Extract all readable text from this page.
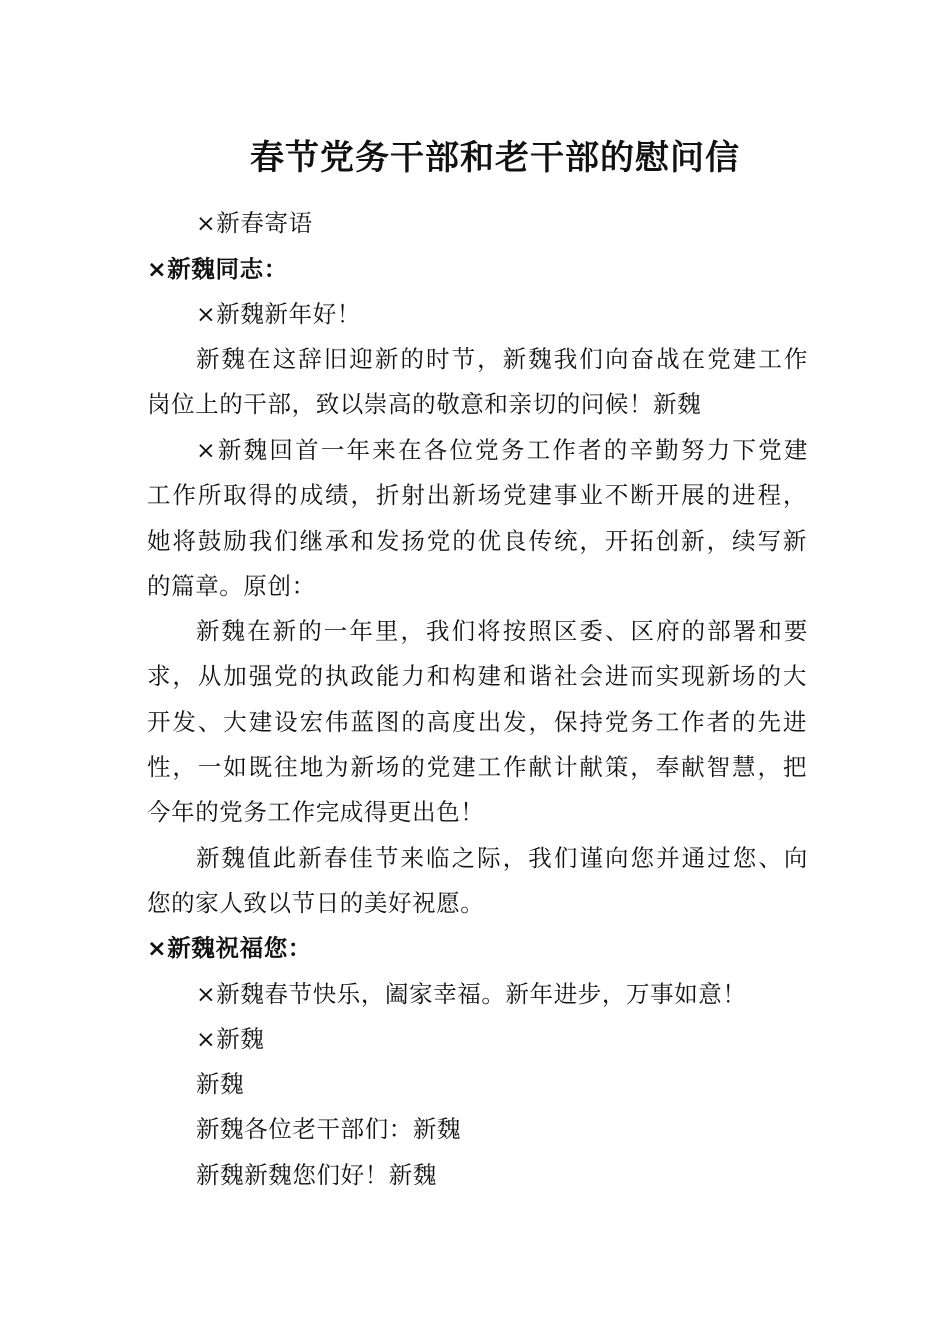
春节党务干部和老干部的慰问信
×新春寄语
×新魏同志：
×新魏新年好！
新魏在这辞旧迎新的时节，新魏我们向奋战在党建工作
岗位上的干部，致以崇高的敬意和亲切的问候！新魏
×新魏回首一年来在各位党务工作者的辛勤努力下党建
工作所取得的成绩，折射出新场党建事业不断开展的进程，
她将鼓励我们继承和发扬党的优良传统，开拓创新，续写新
的篇章。原创：
新魏在新的一年里，我们将按照区委、区府的部署和要
求，从加强党的执政能力和构建和谐社会进而实现新场的大
开发、大建设宏伟蓝图的高度出发，保持党务工作者的先进
性，一如既往地为新场的党建工作献计献策，奉献智慧，把
今年的党务工作完成得更出色！
新魏值此新春佳节来临之际，我们谨向您并通过您、向
您的家人致以节日的美好祝愿。
×新魏祝福您：
×新魏春节快乐，阖家幸福。新年进步，万事如意！
×新魏
新魏
新魏各位老干部们：新魏
新魏新魏您们好！新魏
